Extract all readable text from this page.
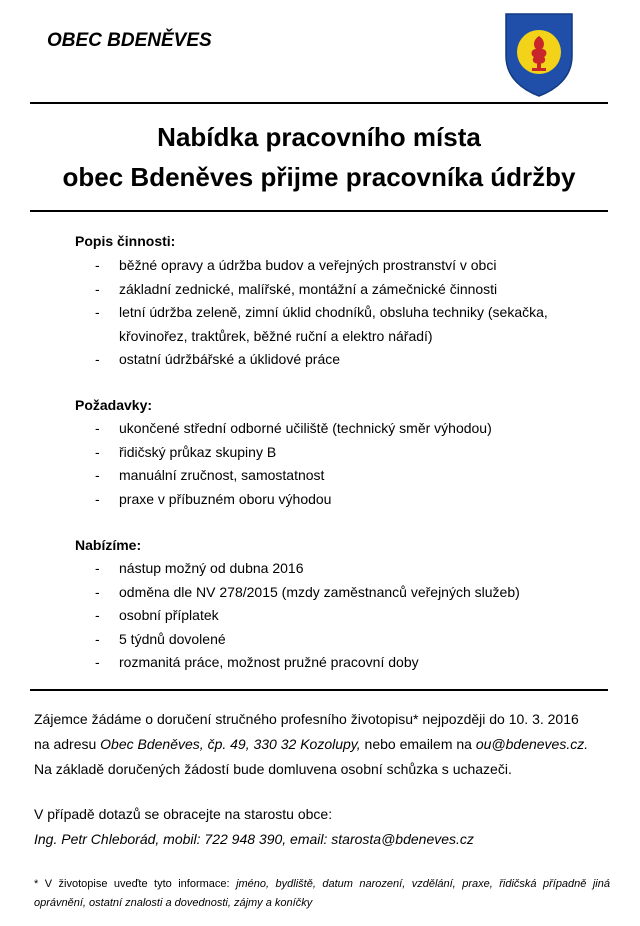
OBEC BDENĚVES
Nabídka pracovního místa
obec Bdeněves přijme pracovníka údržby
Popis činnosti:
- běžné opravy a údržba budov a veřejných prostranství v obci
- základní zednické, malířské, montážní a zámečnické činnosti
- letní údržba zeleně, zimní úklid chodníků, obsluha techniky (sekačka,
křovinořez, traktůrek, běžné ruční a elektro nářadí)
- ostatní údržbářské a úklidové práce
Požadavky:
- ukončené střední odborné učiliště (technický směr výhodou)
- řidičský průkaz skupiny B
- manuální zručnost, samostatnost
- praxe v příbuzném oboru výhodou
Nabízíme:
- nástup možný od dubna 2016
- odměna dle NV 278/2015 (mzdy zaměstnanců veřejných služeb)
- osobní příplatek
- 5 týdnů dovolené
- rozmanitá práce, možnost pružné pracovní doby
Zájemce žádáme o doručení stručného profesního životopisu* nejpozději do 10. 3. 2016
na adresu Obec Bdeněves, čp. 49, 330 32 Kozolupy, nebo emailem na ou@bdeneves.cz.
Na základě doručených žádostí bude domluvena osobní schůzka s uchazeči.
V případě dotazů se obracejte na starostu obce:
Ing. Petr Chleborád, mobil: 722 948 390, email: starosta@bdeneves.cz
* V životopise uveďte tyto informace: jméno, bydliště, datum narození, vzdělání, praxe, řidičská případně jiná oprávnění, ostatní znalosti a dovednosti, zájmy a koníčky
